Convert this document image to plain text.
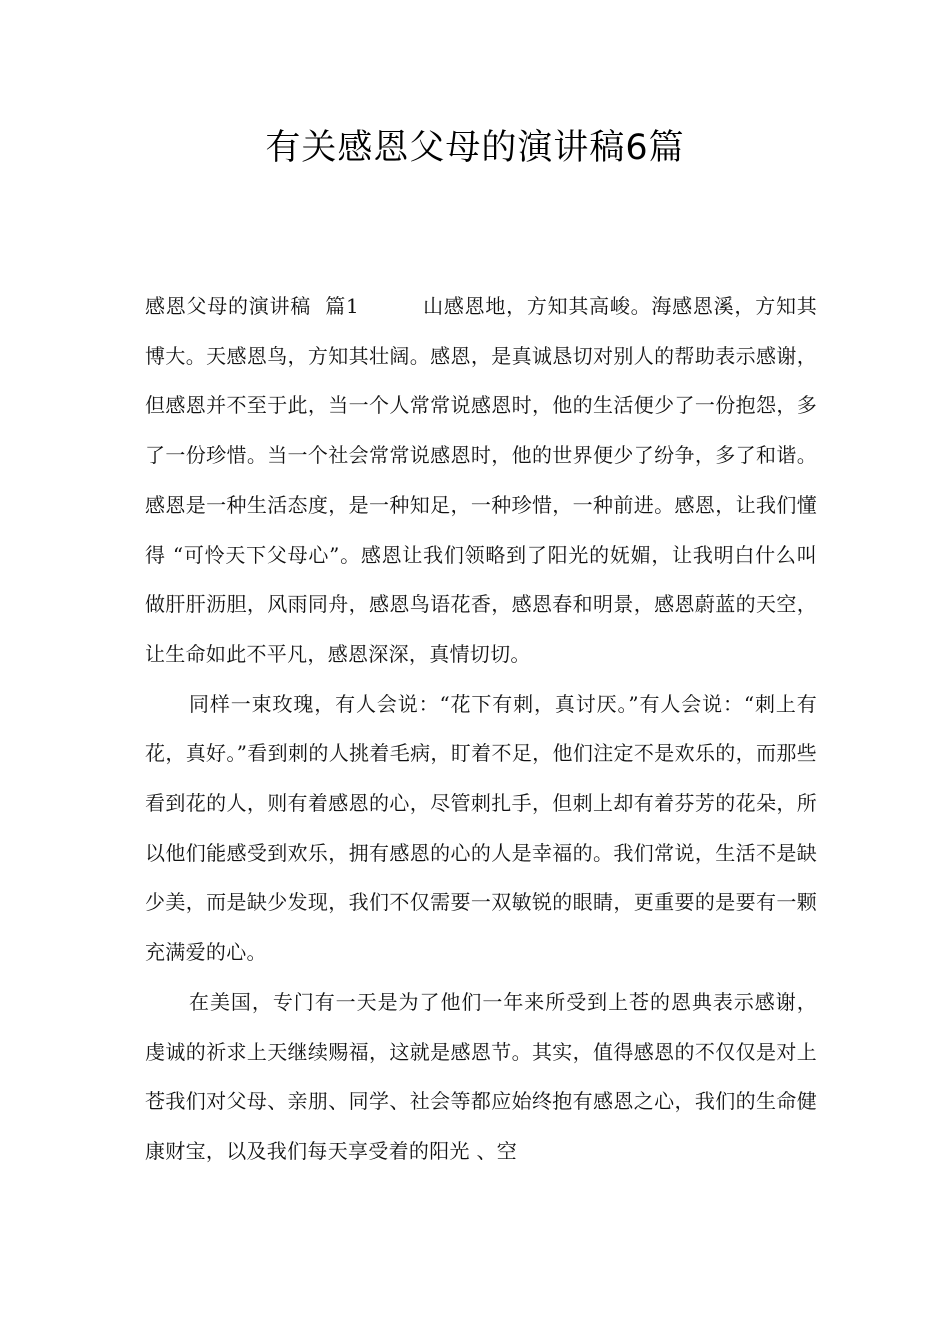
有关感恩父母的演讲稿6篇

感恩父母的演讲稿  篇1	山感恩地，方知其高峻。海感恩溪，方知其博大。天感恩鸟，方知其壮阔。感恩，是真诚恳切对别人的帮助表示感谢，但感恩并不至于此，当一个人常常说感恩时，他的生活便少了一份抱怨，多了一份珍惜。当一个社会常常说感恩时，他的世界便少了纷争，多了和谐。感恩是一种生活态度，是一种知足，一种珍惜，一种前进。感恩，让我们懂得 “可怜天下父母心”。感恩让我们领略到了阳光的妩媚，让我明白什么叫做肝肝沥胆，风雨同舟，感恩鸟语花香，感恩春和明景，感恩蔚蓝的天空，让生命如此不平凡，感恩深深，真情切切。

同样一束玫瑰，有人会说：“花下有刺，真讨厌。”有人会说：“刺上有花，真好。”看到刺的人挑着毛病，盯着不足，他们注定不是欢乐的，而那些看到花的人，则有着感恩的心，尽管刺扎手，但刺上却有着芬芳的花朵，所以他们能感受到欢乐，拥有感恩的心的人是幸福的。我们常说，生活不是缺少美，而是缺少发现，我们不仅需要一双敏锐的眼睛，更重要的是要有一颗充满爱的心。

在美国，专门有一天是为了他们一年来所受到上苍的恩典表示感谢，虔诚的祈求上天继续赐福，这就是感恩节。其实，值得感恩的不仅仅是对上苍我们对父母、亲朋、同学、社会等都应始终抱有感恩之心，我们的生命健康财宝，以及我们每天享受着的阳光 、空
